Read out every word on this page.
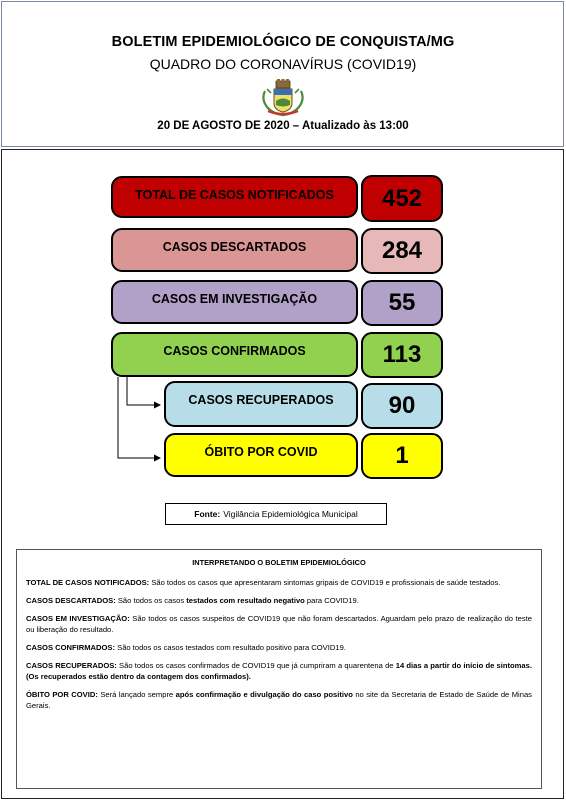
BOLETIM EPIDEMIOLÓGICO DE CONQUISTA/MG
QUADRO DO CORONAVÍRUS (COVID19)
20 DE AGOSTO DE 2020 – Atualizado às 13:00
TOTAL DE CASOS NOTIFICADOS	452
CASOS DESCARTADOS	284
CASOS EM INVESTIGAÇÃO	55
CASOS CONFIRMADOS	113
CASOS RECUPERADOS	90
ÓBITO POR COVID	1
Fonte: Vigilância Epidemiológica Municipal
INTERPRETANDO O BOLETIM EPIDEMIOLÓGICO

TOTAL DE CASOS NOTIFICADOS: São todos os casos que apresentaram sintomas gripais de COVID19 e profissionais de saúde testados.

CASOS DESCARTADOS: São todos os casos testados com resultado negativo para COVID19.

CASOS EM INVESTIGAÇÃO: São todos os casos suspeitos de COVID19 que não foram descartados. Aguardam pelo prazo de realização do teste ou liberação do resultado.

CASOS CONFIRMADOS: São todos os casos testados com resultado positivo para COVID19.

CASOS RECUPERADOS: São todos os casos confirmados de COVID19 que já cumpriram a quarentena de 14 dias a partir do início de sintomas. (Os recuperados estão dentro da contagem dos confirmados).

ÓBITO POR COVID: Será lançado sempre após confirmação e divulgação do caso positivo no site da Secretaria de Estado de Saúde de Minas Gerais.
